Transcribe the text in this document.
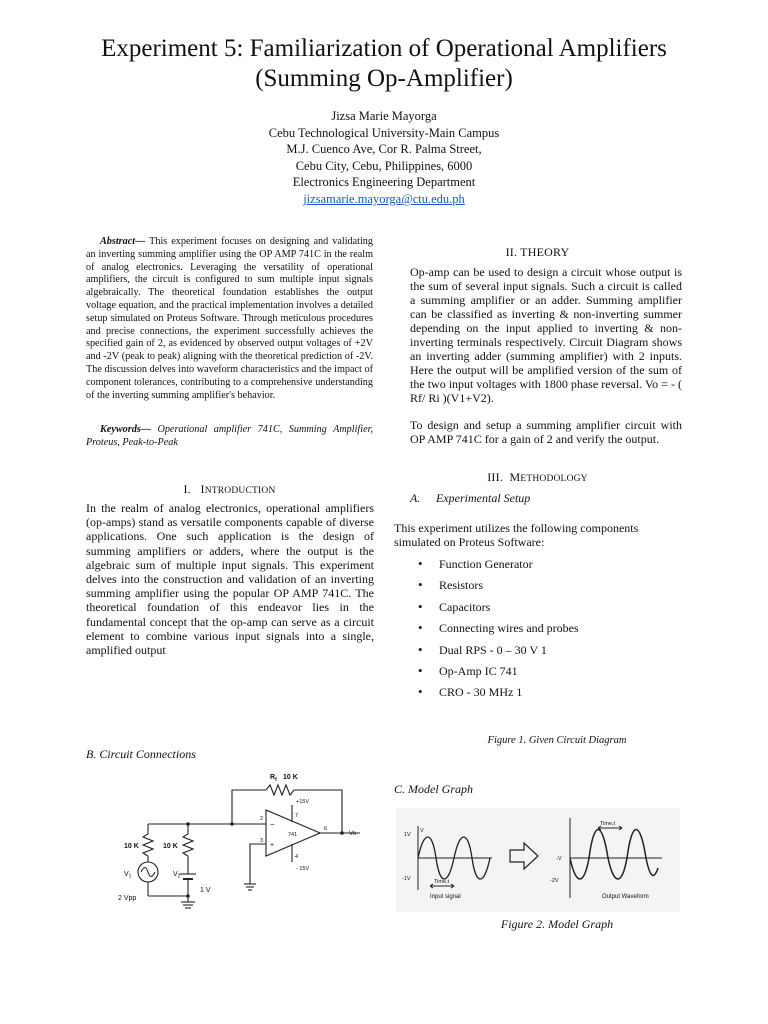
Experiment 5: Familiarization of Operational Amplifiers
(Summing Op-Amplifier)
Jizsa Marie Mayorga
Cebu Technological University-Main Campus
M.J. Cuenco Ave, Cor R. Palma Street,
Cebu City, Cebu, Philippines, 6000
Electronics Engineering Department
jizsamarie.mayorga@ctu.edu.ph
Abstract— This experiment focuses on designing and validating an inverting summing amplifier using the OP AMP 741C in the realm of analog electronics. Leveraging the versatility of operational amplifiers, the circuit is configured to sum multiple input signals algebraically. The theoretical foundation establishes the output voltage equation, and the practical implementation involves a detailed setup simulated on Proteus Software. Through meticulous procedures and precise connections, the experiment successfully achieves the specified gain of 2, as evidenced by observed output voltages of +2V and -2V (peak to peak) aligning with the theoretical prediction of -2V. The discussion delves into waveform characteristics and the impact of component tolerances, contributing to a comprehensive understanding of the inverting summing amplifier's behavior.
Keywords— Operational amplifier 741C, Summing Amplifier, Proteus, Peak-to-Peak
I. INTRODUCTION
In the realm of analog electronics, operational amplifiers (op-amps) stand as versatile components capable of diverse applications. One such application is the design of summing amplifiers or adders, where the output is the algebraic sum of multiple input signals. This experiment delves into the construction and validation of an inverting summing amplifier using the popular OP AMP 741C. The theoretical foundation of this endeavor lies in the fundamental concept that the op-amp can serve as a circuit element to combine various input signals into a single, amplified output
II. THEORY
Op-amp can be used to design a circuit whose output is the sum of several input signals. Such a circuit is called a summing amplifier or an adder. Summing amplifier can be classified as inverting & non-inverting summer depending on the input applied to inverting & non-inverting terminals respectively. Circuit Diagram shows an inverting adder (summing amplifier) with 2 inputs. Here the output will be amplified version of the sum of the two input voltages with 1800 phase reversal. Vo = - ( Rf/ Ri )(V1+V2).
To design and setup a summing amplifier circuit with OP AMP 741C for a gain of 2 and verify the output.
III. METHODOLOGY
A. Experimental Setup
This experiment utilizes the following components simulated on Proteus Software:
• Function Generator
• Resistors
• Capacitors
• Connecting wires and probes
• Dual RPS - 0 – 30 V 1
• Op-Amp IC 741
• CRO - 30 MHz 1
Figure 1. Given Circuit Diagram
B. Circuit Connections
C. Model Graph
$R_f$ 10 K
10 K	10 K
$V_1$	$V_2$
2 Vpp
1 V
+15V
- 15V
741
2
3
4
6
7
Vo
−
+
1V
V
-1V	Time,t
Input signal
Time,t
-V
-2V
Output Waveform
Figure 2. Model Graph
